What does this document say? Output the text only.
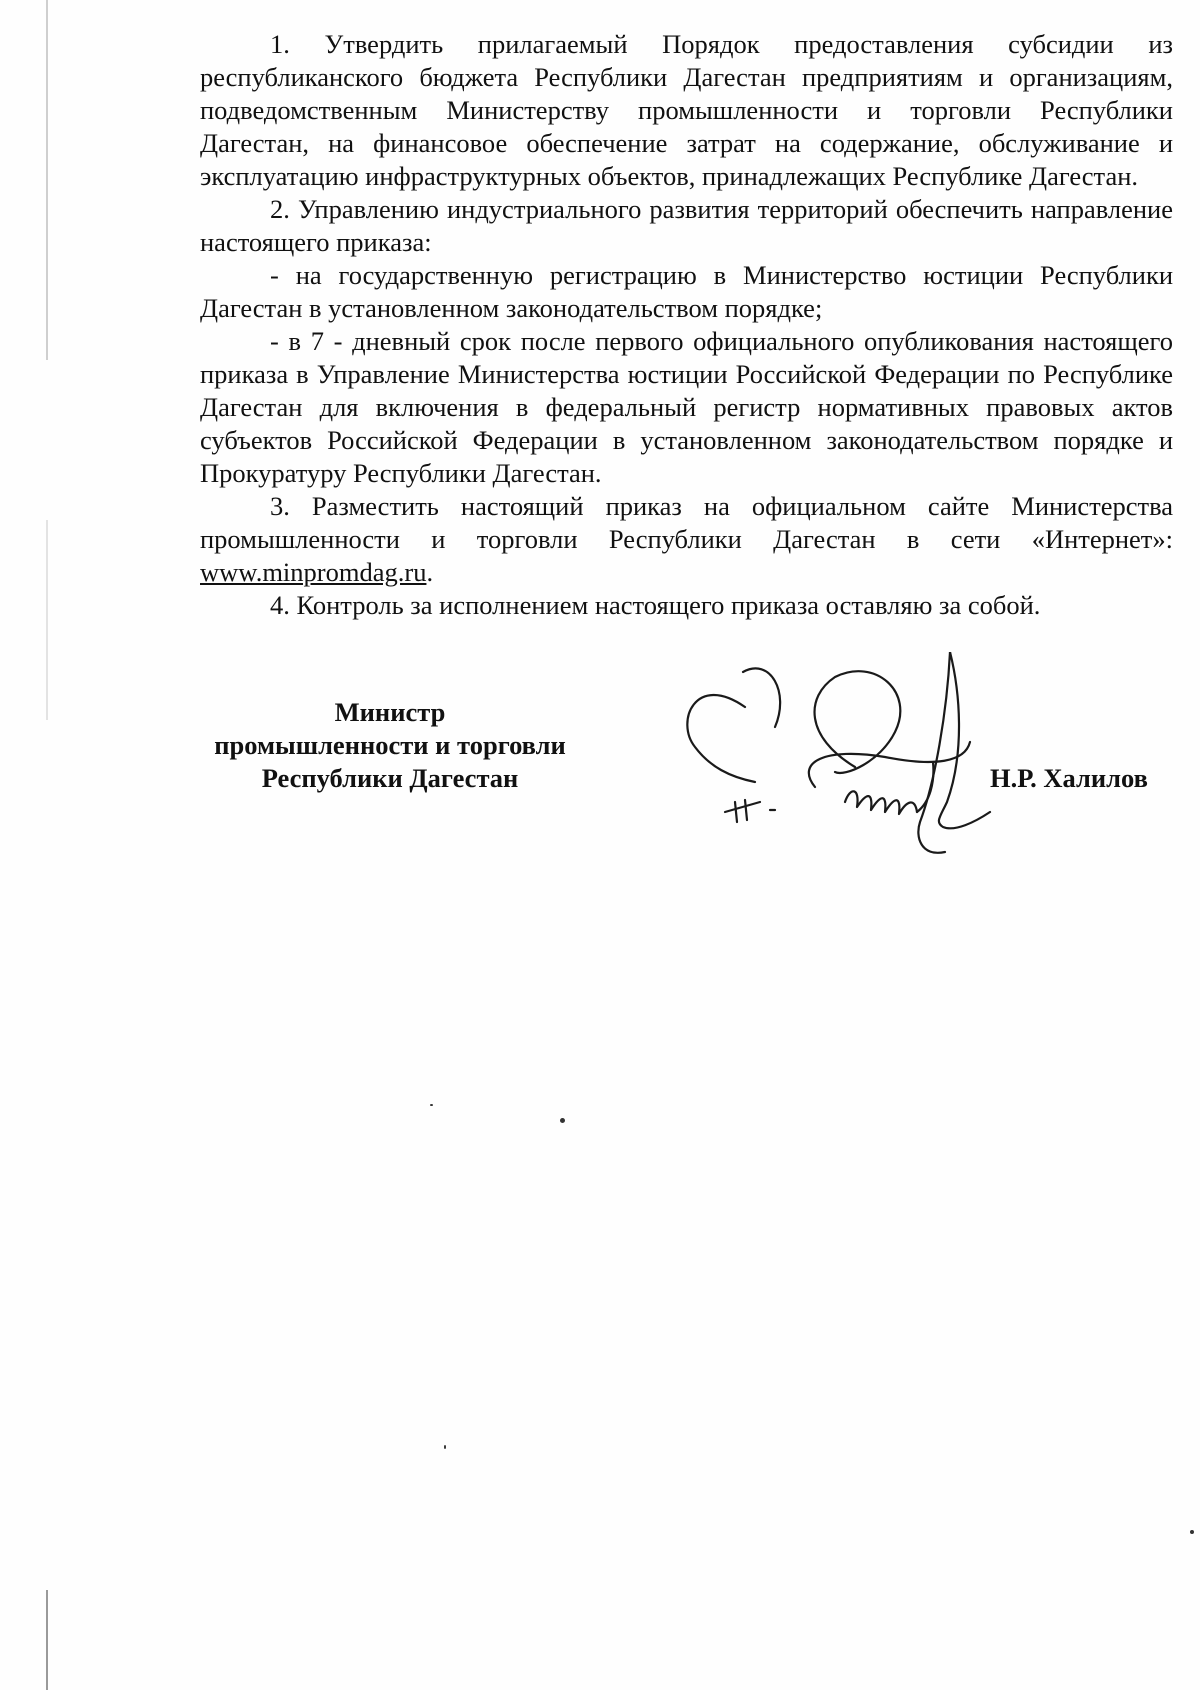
1. Утвердить прилагаемый Порядок предоставления субсидии из республиканского бюджета Республики Дагестан предприятиям и организациям, подведомственным Министерству промышленности и торговли Республики Дагестан, на финансовое обеспечение затрат на содержание, обслуживание и эксплуатацию инфраструктурных объектов, принадлежащих Республике Дагестан.

2. Управлению индустриального развития территорий обеспечить направление настоящего приказа:

- на государственную регистрацию в Министерство юстиции Республики Дагестан в установленном законодательством порядке;

- в 7 - дневный срок после первого официального опубликования настоящего приказа в Управление Министерства юстиции Российской Федерации по Республике Дагестан для включения в федеральный регистр нормативных правовых актов субъектов Российской Федерации в установленном законодательством порядке и Прокуратуру Республики Дагестан.

3. Разместить настоящий приказ на официальном сайте Министерства промышленности и торговли Республики Дагестан в сети «Интернет»: www.minpromdag.ru.

4. Контроль за исполнением настоящего приказа оставляю за собой.

Министр
промышленности и торговли
Республики Дагестан	Н.Р. Халилов
